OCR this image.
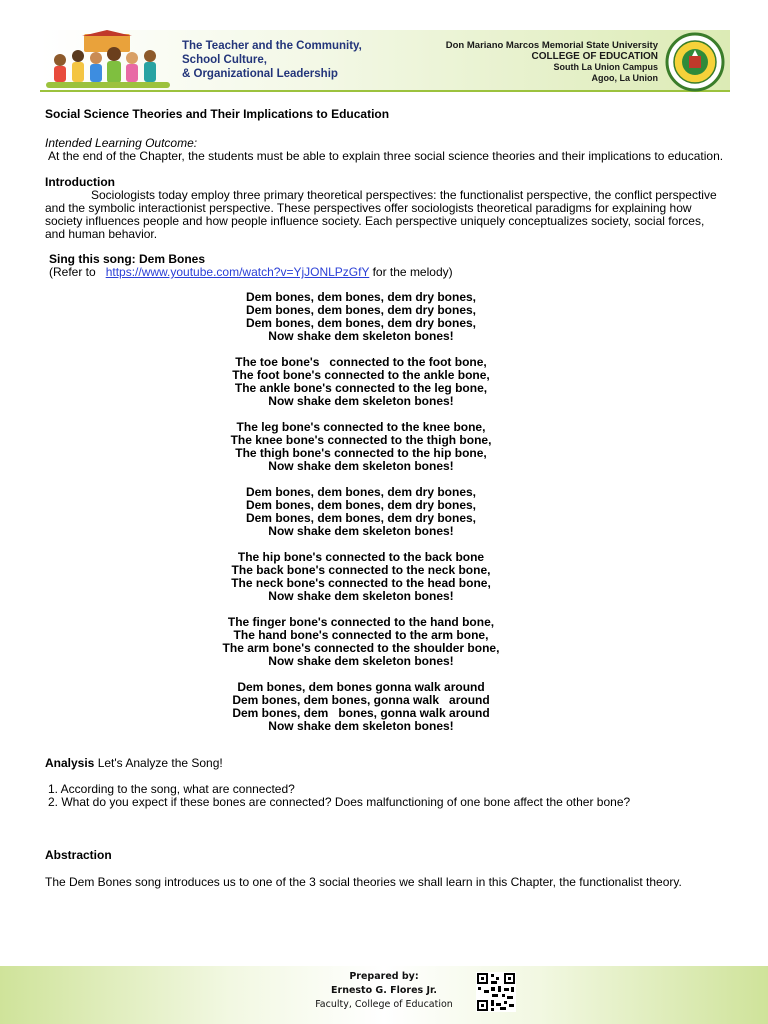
The Teacher and the Community,
School Culture,
& Organizational Leadership
Don Mariano Marcos Memorial State University
COLLEGE OF EDUCATION
South La Union Campus
Agoo, La Union
Social Science Theories and Their Implications to Education
Intended Learning Outcome:
At the end of the Chapter, the students must be able to explain three social science theories and their implications to education.
Introduction
Sociologists today employ three primary theoretical perspectives: the functionalist perspective, the conflict perspective and the symbolic interactionist perspective. These perspectives offer sociologists theoretical paradigms for explaining how society influences people and how people influence society. Each perspective uniquely conceptualizes society, social forces, and human behavior.
Sing this song: Dem Bones
(Refer to   https://www.youtube.com/watch?v=YjJONLPzGfY for the melody)
Dem bones, dem bones, dem dry bones,
Dem bones, dem bones, dem dry bones,
Dem bones, dem bones, dem dry bones,
Now shake dem skeleton bones!
The toe bone's   connected to the foot bone,
The foot bone's connected to the ankle bone,
The ankle bone's connected to the leg bone,
Now shake dem skeleton bones!
The leg bone's connected to the knee bone,
The knee bone's connected to the thigh bone,
The thigh bone's connected to the hip bone,
Now shake dem skeleton bones!
Dem bones, dem bones, dem dry bones,
Dem bones, dem bones, dem dry bones,
Dem bones, dem bones, dem dry bones,
Now shake dem skeleton bones!
The hip bone's connected to the back bone
The back bone's connected to the neck bone,
The neck bone's connected to the head bone,
Now shake dem skeleton bones!
The finger bone's connected to the hand bone,
The hand bone's connected to the arm bone,
The arm bone's connected to the shoulder bone,
Now shake dem skeleton bones!
Dem bones, dem bones gonna walk around
Dem bones, dem bones, gonna walk   around
Dem bones, dem   bones, gonna walk around
Now shake dem skeleton bones!
Analysis Let's Analyze the Song!
1. According to the song, what are connected?
2. What do you expect if these bones are connected? Does malfunctioning of one bone affect the other bone?
Abstraction
The Dem Bones song introduces us to one of the 3 social theories we shall learn in this Chapter, the functionalist theory.
Prepared by:
Ernesto G. Flores Jr.
Faculty, College of Education
